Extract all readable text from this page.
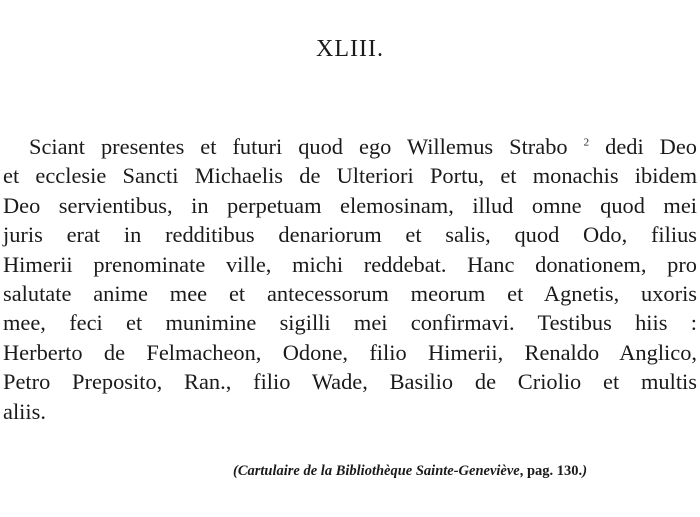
XLIII.
Sciant presentes et futuri quod ego Willemus Strabo $^2$ dedi Deo
et ecclesie Sancti Michaelis de Ulteriori Portu, et monachis ibidem
Deo servientibus, in perpetuam elemosinam, illud omne quod mei
juris erat in redditibus denariorum et salis, quod Odo, filius
Himerii prenominate ville, michi reddebat. Hanc donationem, pro
salutate anime mee et antecessorum meorum et Agnetis, uxoris
mee, feci et munimine sigilli mei confirmavi. Testibus hiis :
Herberto de Felmacheon, Odone, filio Himerii, Renaldo Anglico,
Petro Preposito, Ran., filio Wade, Basilio de Criolio et multis
aliis.
(Cartulaire de la Bibliothèque Sainte-Geneviève, pag. 130.)
